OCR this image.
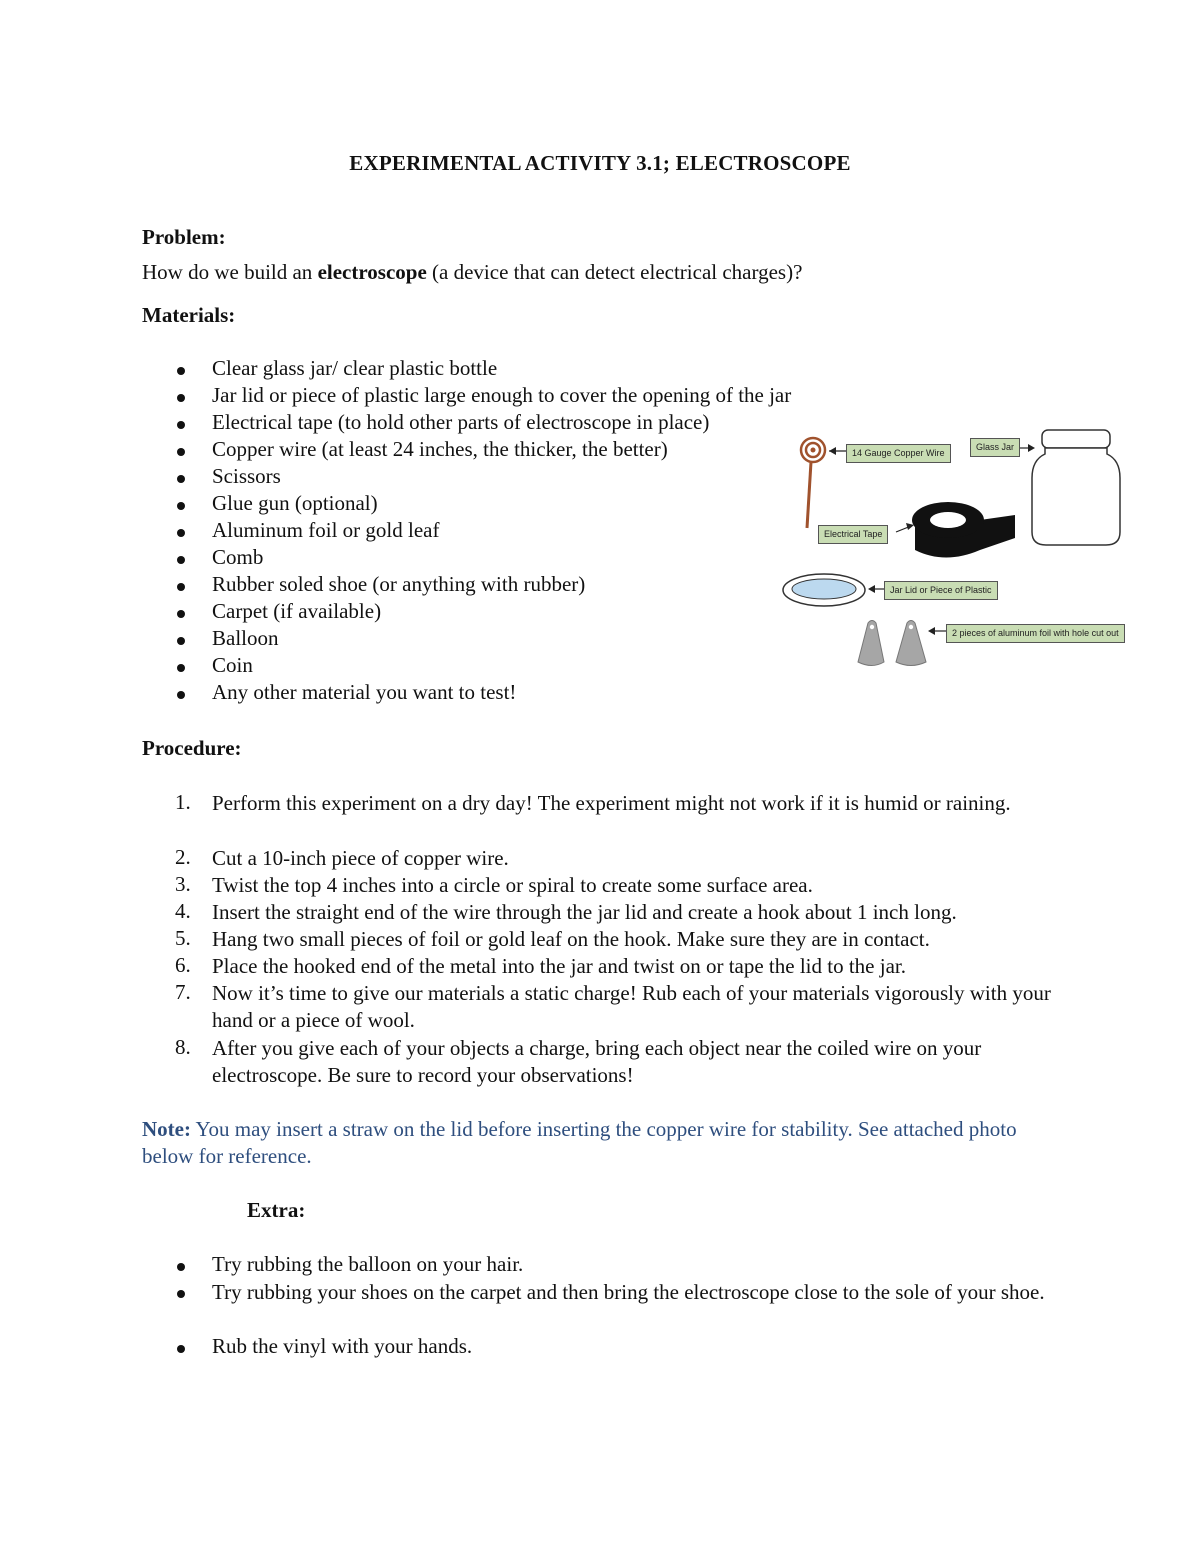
EXPERIMENTAL ACTIVITY 3.1; ELECTROSCOPE
Problem:
How do we build an electroscope (a device that can detect electrical charges)?
Materials:
Clear glass jar/ clear plastic bottle
Jar lid or piece of plastic large enough to cover the opening of the jar
Electrical tape (to hold other parts of electroscope in place)
Copper wire (at least 24 inches, the thicker, the better)
Scissors
Glue gun (optional)
Aluminum foil or gold leaf
Comb
Rubber soled shoe (or anything with rubber)
Carpet (if available)
Balloon
Coin
Any other material you want to test!
14 Gauge Copper Wire
Glass Jar
Electrical Tape
Jar Lid or Piece of Plastic
2 pieces of aluminum foil with hole cut out
Procedure:
1.	Perform this experiment on a dry day! The experiment might not work if it is humid or raining.
2.	Cut a 10-inch piece of copper wire.
3.	Twist the top 4 inches into a circle or spiral to create some surface area.
4.	Insert the straight end of the wire through the jar lid and create a hook about 1 inch long.
5.	Hang two small pieces of foil or gold leaf on the hook. Make sure they are in contact.
6.	Place the hooked end of the metal into the jar and twist on or tape the lid to the jar.
7.	Now it’s time to give our materials a static charge! Rub each of your materials vigorously with your hand or a piece of wool.
8.	After you give each of your objects a charge, bring each object near the coiled wire on your electroscope. Be sure to record your observations!
Note: You may insert a straw on the lid before inserting the copper wire for stability. See attached photo below for reference.
Extra:
Try rubbing the balloon on your hair.
Try rubbing your shoes on the carpet and then bring the electroscope close to the sole of your shoe.
Rub the vinyl with your hands.
